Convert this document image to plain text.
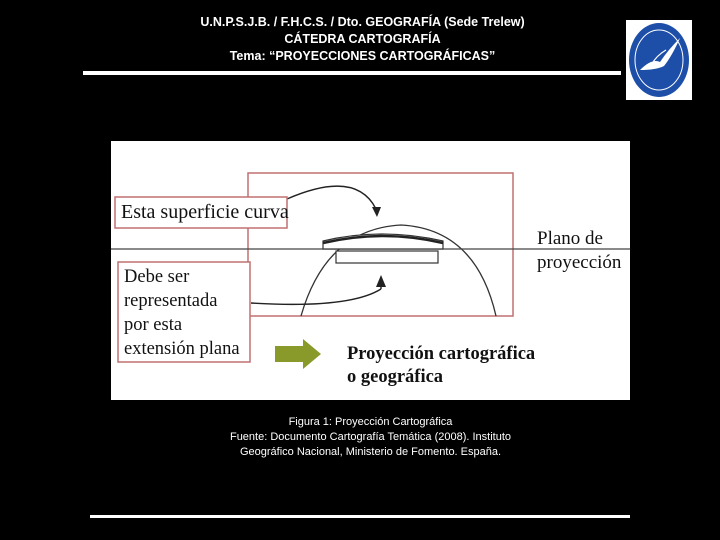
U.N.P.S.J.B. / F.H.C.S. / Dto. GEOGRAFÍA (Sede Trelew)
CÁTEDRA CARTOGRAFÍA
Tema: “PROYECCIONES CARTOGRÁFICAS”
Esta superficie curva
Debe ser
representada
por esta
extensión plana
Plano de
proyección
Proyección cartográfica
o geográfica
Figura 1: Proyección Cartográfica
Fuente: Documento Cartografía Temática (2008). Instituto
Geográfico Nacional, Ministerio de Fomento. España.
